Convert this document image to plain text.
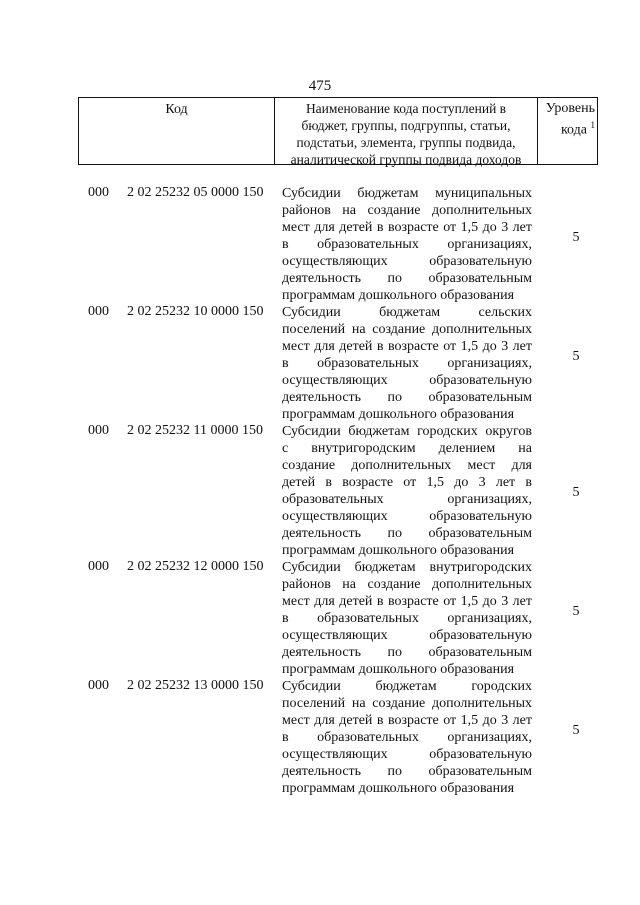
475
Код	Наименование кода поступлений в
бюджет, группы, подгруппы, статьи,
подстатьи, элемента, группы подвида,
аналитической группы подвида доходов
Уровень
кода $^1$
000	2 02 25232 05 0000 150	Субсидии бюджетам муниципальных
районов на создание дополнительных
мест для детей в возрасте от 1,5 до 3 лет
в образовательных организациях,
осуществляющих образовательную
деятельность по образовательным
программам дошкольного образования
5
000	2 02 25232 10 0000 150	Субсидии бюджетам сельских
поселений на создание дополнительных
мест для детей в возрасте от 1,5 до 3 лет
в образовательных организациях,
осуществляющих образовательную
деятельность по образовательным
программам дошкольного образования
5
000	2 02 25232 11 0000 150	Субсидии бюджетам городских округов
с внутригородским делением на
создание дополнительных мест для
детей в возрасте от 1,5 до 3 лет в
образовательных организациях,
осуществляющих образовательную
деятельность по образовательным
программам дошкольного образования
5
000	2 02 25232 12 0000 150	Субсидии бюджетам внутригородских
районов на создание дополнительных
мест для детей в возрасте от 1,5 до 3 лет
в образовательных организациях,
осуществляющих образовательную
деятельность по образовательным
программам дошкольного образования
5
000	2 02 25232 13 0000 150	Субсидии бюджетам городских
поселений на создание дополнительных
мест для детей в возрасте от 1,5 до 3 лет
в образовательных организациях,
осуществляющих образовательную
деятельность по образовательным
программам дошкольного образования
5
